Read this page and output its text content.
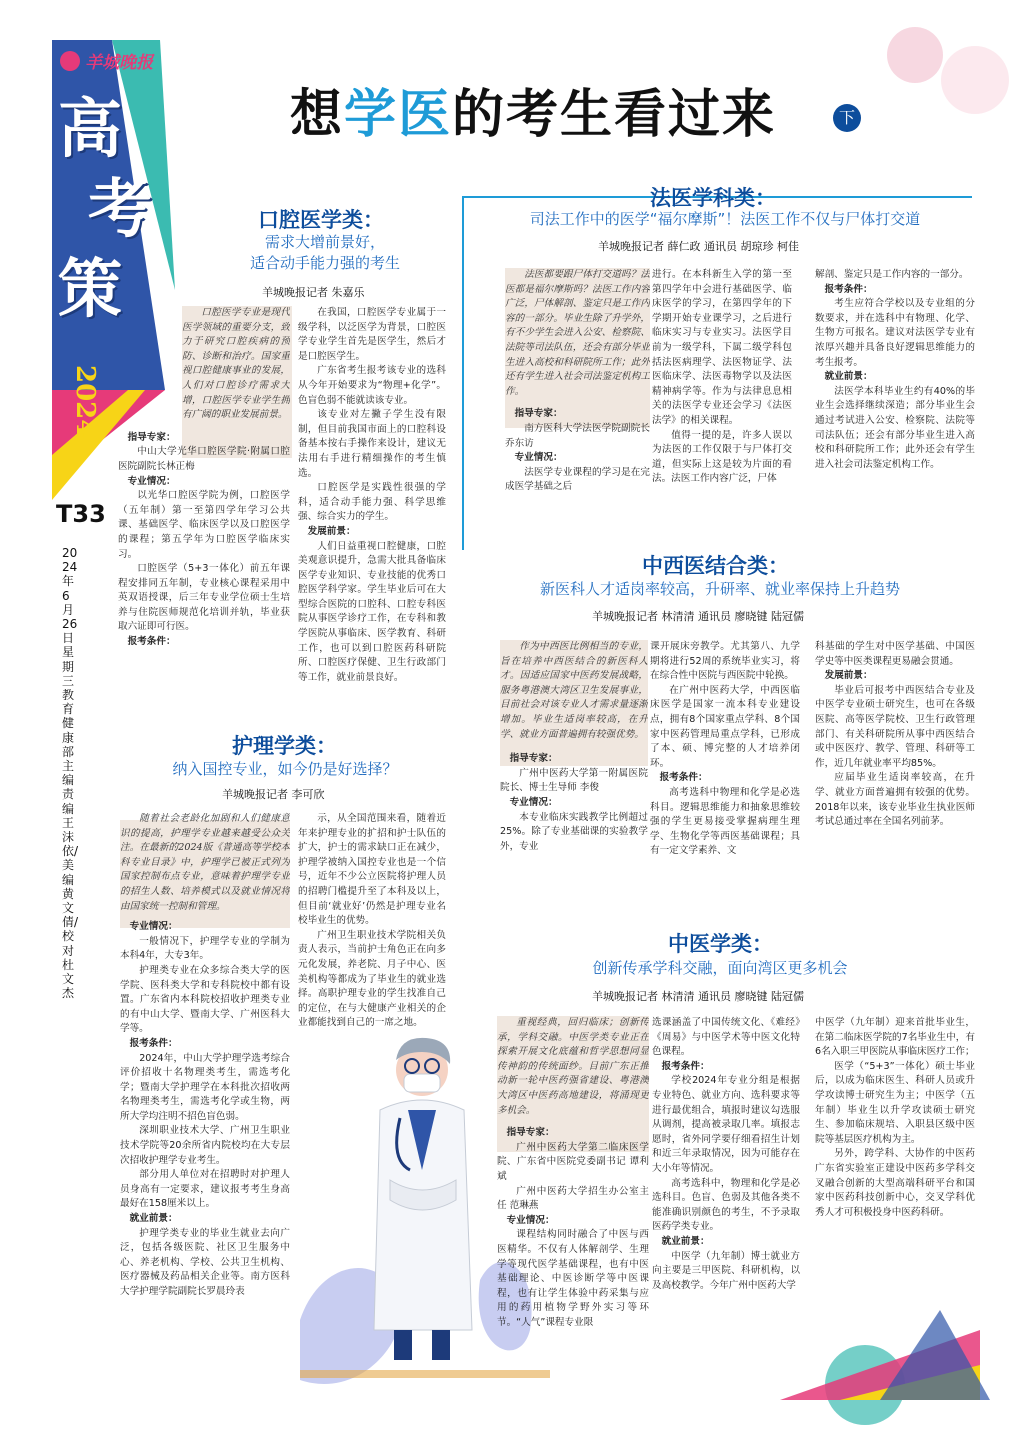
羊城晚报
高
考
策
2024
T33
2024年6月26日星期三教育健康部主编责编王沫依/美编黄文倩/校对杜文杰
想学医的考生看过来	下
口腔医学类：
需求大增前景好，
适合动手能力强的考生
羊城晚报记者 朱嘉乐

口腔医学专业是现代医学领域的重要分支，致力于研究口腔疾病的预防、诊断和治疗。国家重视口腔健康事业的发展，人们对口腔诊疗需求大增，口腔医学专业学生拥有广阔的职业发展前景。

指导专家：

中山大学光华口腔医学院·附属口腔医院副院长林正梅

专业情况：

以光华口腔医学院为例，口腔医学（五年制）第一至第四学年学习公共课、基础医学、临床医学以及口腔医学的课程；第五学年为口腔医学临床实习。

口腔医学（5+3一体化）前五年课程安排同五年制，专业核心课程采用中英双语授课，后三年专业学位硕士生培养与住院医师规范化培训并轨，毕业获取六证即可行医。

报考条件：

在我国，口腔医学专业属于一级学科，以泛医学为背景，口腔医学专业学生首先是医学生，然后才是口腔医学生。

广东省考生报考该专业的选科从今年开始要求为“物理+化学”。色盲色弱不能就读该专业。

该专业对左撇子学生没有限制，但目前我国市面上的口腔科设备基本按右手操作来设计，建议无法用右手进行精细操作的考生慎选。

口腔医学是实践性很强的学科，适合动手能力强、科学思维强、综合实力的学生。

发展前景：

人们日益重视口腔健康，口腔美观意识提升，急需大批具备临床医学专业知识、专业技能的优秀口腔医学科学家。学生毕业后可在大型综合医院的口腔科、口腔专科医院从事医学诊疗工作，在专科和教学医院从事临床、医学教育、科研工作，也可以到口腔医药科研院所、口腔医疗保健、卫生行政部门等工作，就业前景良好。

护理学类：
纳入国控专业，如今仍是好选择？
羊城晚报记者 李可欣

随着社会老龄化加剧和人们健康意识的提高，护理学专业越来越受公众关注。在最新的2024版《普通高等学校本科专业目录》中，护理学已被正式列为国家控制布点专业，意味着护理学专业的招生人数、培养模式以及就业情况将由国家统一控制和管理。

专业情况：

一般情况下，护理学专业的学制为本科4年，大专3年。

护理类专业在众多综合类大学的医学院、医科类大学和专科院校中都有设置。广东省内本科院校招收护理类专业的有中山大学、暨南大学、广州医科大学等。

报考条件：

2024年，中山大学护理学选考综合评价招收十名物理类考生，需选考化学；暨南大学护理学在本科批次招收两名物理类考生，需选考化学或生物，两所大学均注明不招色盲色弱。

深圳职业技术大学、广州卫生职业技术学院等20余所省内院校均在大专层次招收护理学专业考生。

部分用人单位对在招聘时对护理人员身高有一定要求，建议报考考生身高最好在158厘米以上。

就业前景：

护理学类专业的毕业生就业去向广泛，包括各级医院、社区卫生服务中心、养老机构、学校、公共卫生机构、医疗器械及药品相关企业等。南方医科大学护理学院副院长罗晨玲表

示，从全国范围来看，随着近年来护理专业的扩招和护士队伍的扩大，护士的需求缺口正在减少，护理学被纳入国控专业也是一个信号，近年不少公立医院将护理人员的招聘门槛提升至了本科及以上，但目前‘就业好’仍然是护理专业名校毕业生的优势。

广州卫生职业技术学院相关负责人表示，当前护士角色正在向多元化发展，养老院、月子中心、医美机构等都成为了毕业生的就业选择。高职护理专业的学生找准自己的定位，在与大健康产业相关的企业都能找到自己的一席之地。

法医学科类：
司法工作中的医学“福尔摩斯”！法医工作不仅与尸体打交道
羊城晚报记者 薛仁政 通讯员 胡琼珍 柯佳

法医都要跟尸体打交道吗？法医都是福尔摩斯吗？法医工作内容广泛，尸体解剖、鉴定只是工作内容的一部分。毕业生除了升学外，有不少学生会进入公安、检察院、法院等司法队伍，还会有部分毕业生进入高校和科研院所工作；此外还有学生进入社会司法鉴定机构工作。

指导专家：

南方医科大学法医学院副院长 乔东访

专业情况：

法医学专业课程的学习是在完成医学基础之后

进行。在本科新生入学的第一至第四学年中会进行基础医学、临床医学的学习，在第四学年的下学期开始专业课学习，之后进行临床实习与专业实习。法医学目前为一级学科，下属二级学科包括法医病理学、法医物证学、法医临床学、法医毒物学以及法医精神病学等。作为与法律息息相关的法医学专业还会学习《法医法学》的相关课程。

值得一提的是，许多人误以为法医的工作仅限于与尸体打交道，但实际上这是较为片面的看法。法医工作内容广泛，尸体

解剖、鉴定只是工作内容的一部分。

报考条件：

考生应符合学校以及专业组的分数要求，并在选科中有物理、化学、生物方可报名。建议对法医学专业有浓厚兴趣并具备良好逻辑思维能力的考生报考。

就业前景：

法医学本科毕业生约有40%的毕业生会选择继续深造；部分毕业生会通过考试进入公安、检察院、法院等司法队伍；还会有部分毕业生进入高校和科研院所工作；此外还会有学生进入社会司法鉴定机构工作。

中西医结合类：
新医科人才适岗率较高，升研率、就业率保持上升趋势
羊城晚报记者 林清清 通讯员 廖晓键 陆冠儒

作为中西医比例相当的专业，旨在培养中西医结合的新医科人才。因适应国家中医药发展战略，服务粤港澳大湾区卫生发展事业，目前社会对该专业人才需求量逐渐增加。毕业生适岗率较高，在升学、就业方面普遍拥有较强优势。

指导专家：

广州中医药大学第一附属医院院长、博士生导师 李俊

专业情况：

本专业临床实践教学比例超过25%。除了专业基础课的实验教学外，专业

课开展床旁教学。尤其第八、九学期将进行52周的系统毕业实习，将在综合性中医院与西医院中轮换。

在广州中医药大学，中西医临床医学是国家一流本科专业建设点，拥有8个国家重点学科、8个国家中医药管理局重点学科，已形成了本、硕、博完整的人才培养闭环。

报考条件：

高考选科中物理和化学是必选科目。逻辑思维能力和抽象思维较强的学生更易接受掌握病理生理学、生物化学等西医基础课程；具有一定文学素养、文

科基础的学生对中医学基础、中国医学史等中医类课程更易融会贯通。

发展前景：

毕业后可报考中西医结合专业及中医学专业硕士研究生，也可在各级医院、高等医学院校、卫生行政管理部门、有关科研院所从事中西医结合或中医医疗、教学、管理、科研等工作，近几年就业率平均85%。

应届毕业生适岗率较高，在升学、就业方面普遍拥有较强的优势。2018年以来，该专业毕业生执业医师考试总通过率在全国名列前茅。

中医学类：
创新传承学科交融，面向湾区更多机会
羊城晚报记者 林清清 通讯员 廖晓键 陆冠儒

重视经典，回归临床；创新传承，学科交融。中医学类专业正在探索开展文化底蕴和哲学思想同显传神韵的传统面纱。目前广东正推动新一轮中医药强省建设、粤港澳大湾区中医药高地建设，将涌现更多机会。

指导专家：

广州中医药大学第二临床医学院、广东省中医院党委副书记 谭利斌

广州中医药大学招生办公室主任 范琳燕

专业情况：

课程结构同时融合了中医与西医精华。不仅有人体解剖学、生理学等现代医学基础课程，也有中医基础理论、中医诊断学等中医课程，也有让学生体验中药采集与应用的药用植物学野外实习等环节。“人气”课程专业限

选课涵盖了中国传统文化、《难经》《周易》与中医学术等中医文化特色课程。

报考条件：

学校2024年专业分组是根据专业特色、就业方向、选科要求等进行最优组合，填报时建议勾选服从调剂，提高被录取几率。填报志愿时，省外同学要仔细看招生计划和近三年录取情况，因为可能存在大小年等情况。

高考选科中，物理和化学是必选科目。色盲、色弱及其他各类不能准确识别颜色的考生，不予录取医药学类专业。

就业前景：

中医学（九年制）博士就业方向主要是三甲医院、科研机构，以及高校教学。今年广州中医药大学

中医学（九年制）迎来首批毕业生，在第二临床医学院的7名毕业生中，有6名入职三甲医院从事临床医疗工作；

医学（“5+3”一体化）硕士毕业后，以成为临床医生、科研人员或升学攻读博士研究生为主；中医学（五年制）毕业生以升学攻读硕士研究生、参加临床规培、入职县区级中医院等基层医疗机构为主。

另外，跨学科、大协作的中医药广东省实验室正建设中医药多学科交叉融合创新的大型高端科研平台和国家中医药科技创新中心，交叉学科优秀人才可积极投身中医药科研。
